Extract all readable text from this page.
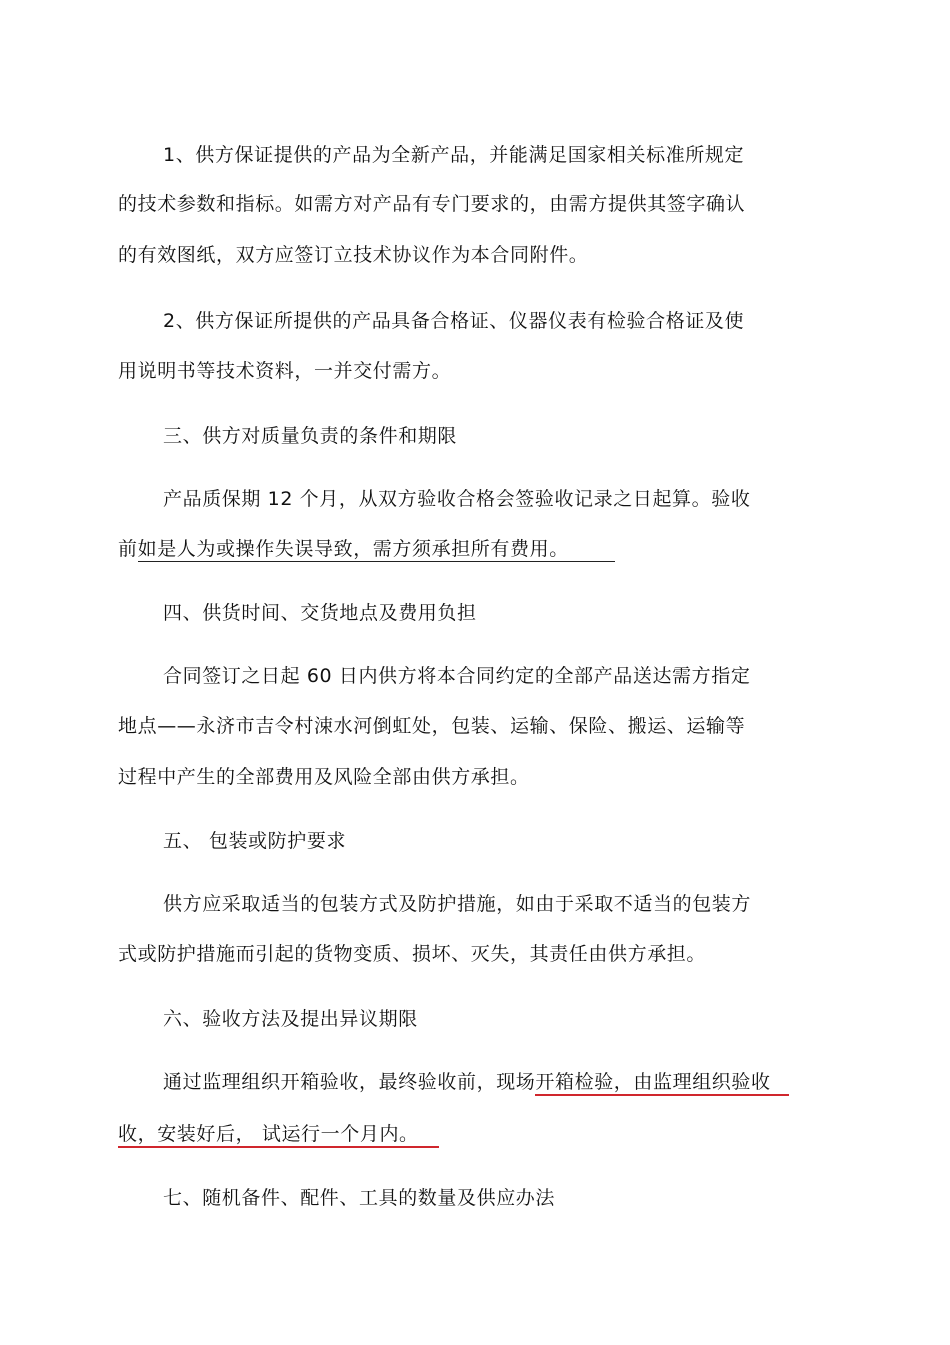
1、供方保证提供的产品为全新产品，并能满足国家相关标准所规定
的技术参数和指标。如需方对产品有专门要求的，由需方提供其签字确认
的有效图纸，双方应签订立技术协议作为本合同附件。
2、供方保证所提供的产品具备合格证、仪器仪表有检验合格证及使
用说明书等技术资料，一并交付需方。
三、供方对质量负责的条件和期限
产品质保期 12 个月，从双方验收合格会签验收记录之日起算。验收
前如是人为或操作失误导致，需方须承担所有费用。
四、供货时间、交货地点及费用负担
合同签订之日起 60 日内供方将本合同约定的全部产品送达需方指定
地点——永济市吉令村涑水河倒虹处，包装、运输、保险、搬运、运输等
过程中产生的全部费用及风险全部由供方承担。
五、 包装或防护要求
供方应采取适当的包装方式及防护措施，如由于采取不适当的包装方
式或防护措施而引起的货物变质、损坏、灭失，其责任由供方承担。
六、验收方法及提出异议期限
通过监理组织开箱验收，最终验收前，现场开箱检验，由监理组织验收
收，安装好后， 试运行一个月内。
七、随机备件、配件、工具的数量及供应办法
